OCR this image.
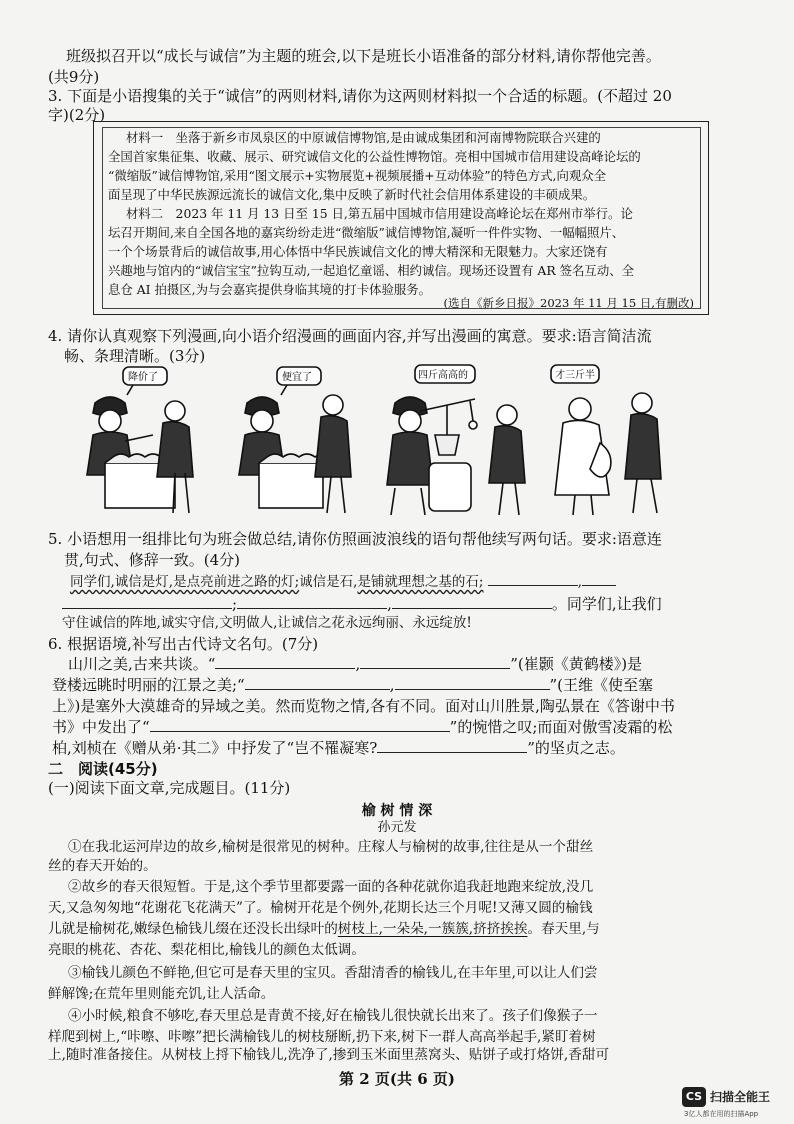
班级拟召开以“成长与诚信”为主题的班会,以下是班长小语准备的部分材料,请你帮他完善。
(共9分)
3. 下面是小语搜集的关于“诚信”的两则材料,请你为这两则材料拟一个合适的标题。(不超过 20
字)(2分)
材料一　坐落于新乡市凤泉区的中原诚信博物馆,是由诚成集团和河南博物院联合兴建的
全国首家集征集、收藏、展示、研究诚信文化的公益性博物馆。亮相中国城市信用建设高峰论坛的
“微缩版”诚信博物馆,采用“图文展示+实物展览+视频展播+互动体验”的特色方式,向观众全
面呈现了中华民族源远流长的诚信文化,集中反映了新时代社会信用体系建设的丰硕成果。
材料二　2023 年 11 月 13 日至 15 日,第五届中国城市信用建设高峰论坛在郑州市举行。论
坛召开期间,来自全国各地的嘉宾纷纷走进“微缩版”诚信博物馆,凝听一件件实物、一幅幅照片、
一个个场景背后的诚信故事,用心体悟中华民族诚信文化的博大精深和无限魅力。大家还饶有
兴趣地与馆内的“诚信宝宝”拉钩互动,一起追忆童谣、相约诚信。现场还设置有 AR 签名互动、全
息仓 AI 拍摄区,为与会嘉宾提供身临其境的打卡体验服务。
(选自《新乡日报》2023 年 11 月 15 日,有删改)
4. 请你认真观察下列漫画,向小语介绍漫画的画面内容,并写出漫画的寓意。要求:语言简洁流
畅、条理清晰。(3分)
降价了	便宜了	四斤高高的	才三斤半
5. 小语想用一组排比句为班会做总结,请你仿照画波浪线的语句帮他续写两句话。要求:语意连
贯,句式、修辞一致。(4分)
同学们,诚信是灯,是点亮前进之路的灯;诚信是石,是铺就理想之基的石;	,
;	,	。同学们,让我们
守住诚信的阵地,诚实守信,文明做人,让诚信之花永远绚丽、永远绽放!
6. 根据语境,补写出古代诗文名句。(7分)
山川之美,古来共谈。“	,	”(崔颢《黄鹤楼》)是
登楼远眺时明丽的江景之美;“	,	”(王维《使至塞
上》)是塞外大漠雄奇的异域之美。然而览物之情,各有不同。面对山川胜景,陶弘景在《答谢中书
书》中发出了“	”的惋惜之叹;而面对傲雪凌霜的松
柏,刘桢在《赠从弟·其二》中抒发了“岂不罹凝寒?	”的坚贞之志。
二　阅读(45分)
(一)阅读下面文章,完成题目。(11分)
榆 树 情 深
孙元发
①在我北运河岸边的故乡,榆树是很常见的树种。庄稼人与榆树的故事,往往是从一个甜丝
丝的春天开始的。
②故乡的春天很短暂。于是,这个季节里都要露一面的各种花就你追我赶地跑来绽放,没几
天,又急匆匆地“花谢花飞花满天”了。榆树开花是个例外,花期长达三个月呢!又薄又圆的榆钱
儿就是榆树花,嫩绿色榆钱儿缀在还没长出绿叶的树枝上,一朵朵,一簇簇,挤挤挨挨。春天里,与
亮眼的桃花、杏花、梨花相比,榆钱儿的颜色太低调。
③榆钱儿颜色不鲜艳,但它可是春天里的宝贝。香甜清香的榆钱儿,在丰年里,可以让人们尝
鲜解馋;在荒年里则能充饥,让人活命。
④小时候,粮食不够吃,春天里总是青黄不接,好在榆钱儿很快就长出来了。孩子们像猴子一
样爬到树上,“咔嚓、咔嚓”把长满榆钱儿的树枝掰断,扔下来,树下一群人高高举起手,紧盯着树
上,随时准备接住。从树枝上捋下榆钱儿,洗净了,掺到玉米面里蒸窝头、贴饼子或打烙饼,香甜可
第 2 页(共 6 页)
CS 扫描全能王
3亿人都在用的扫描App
